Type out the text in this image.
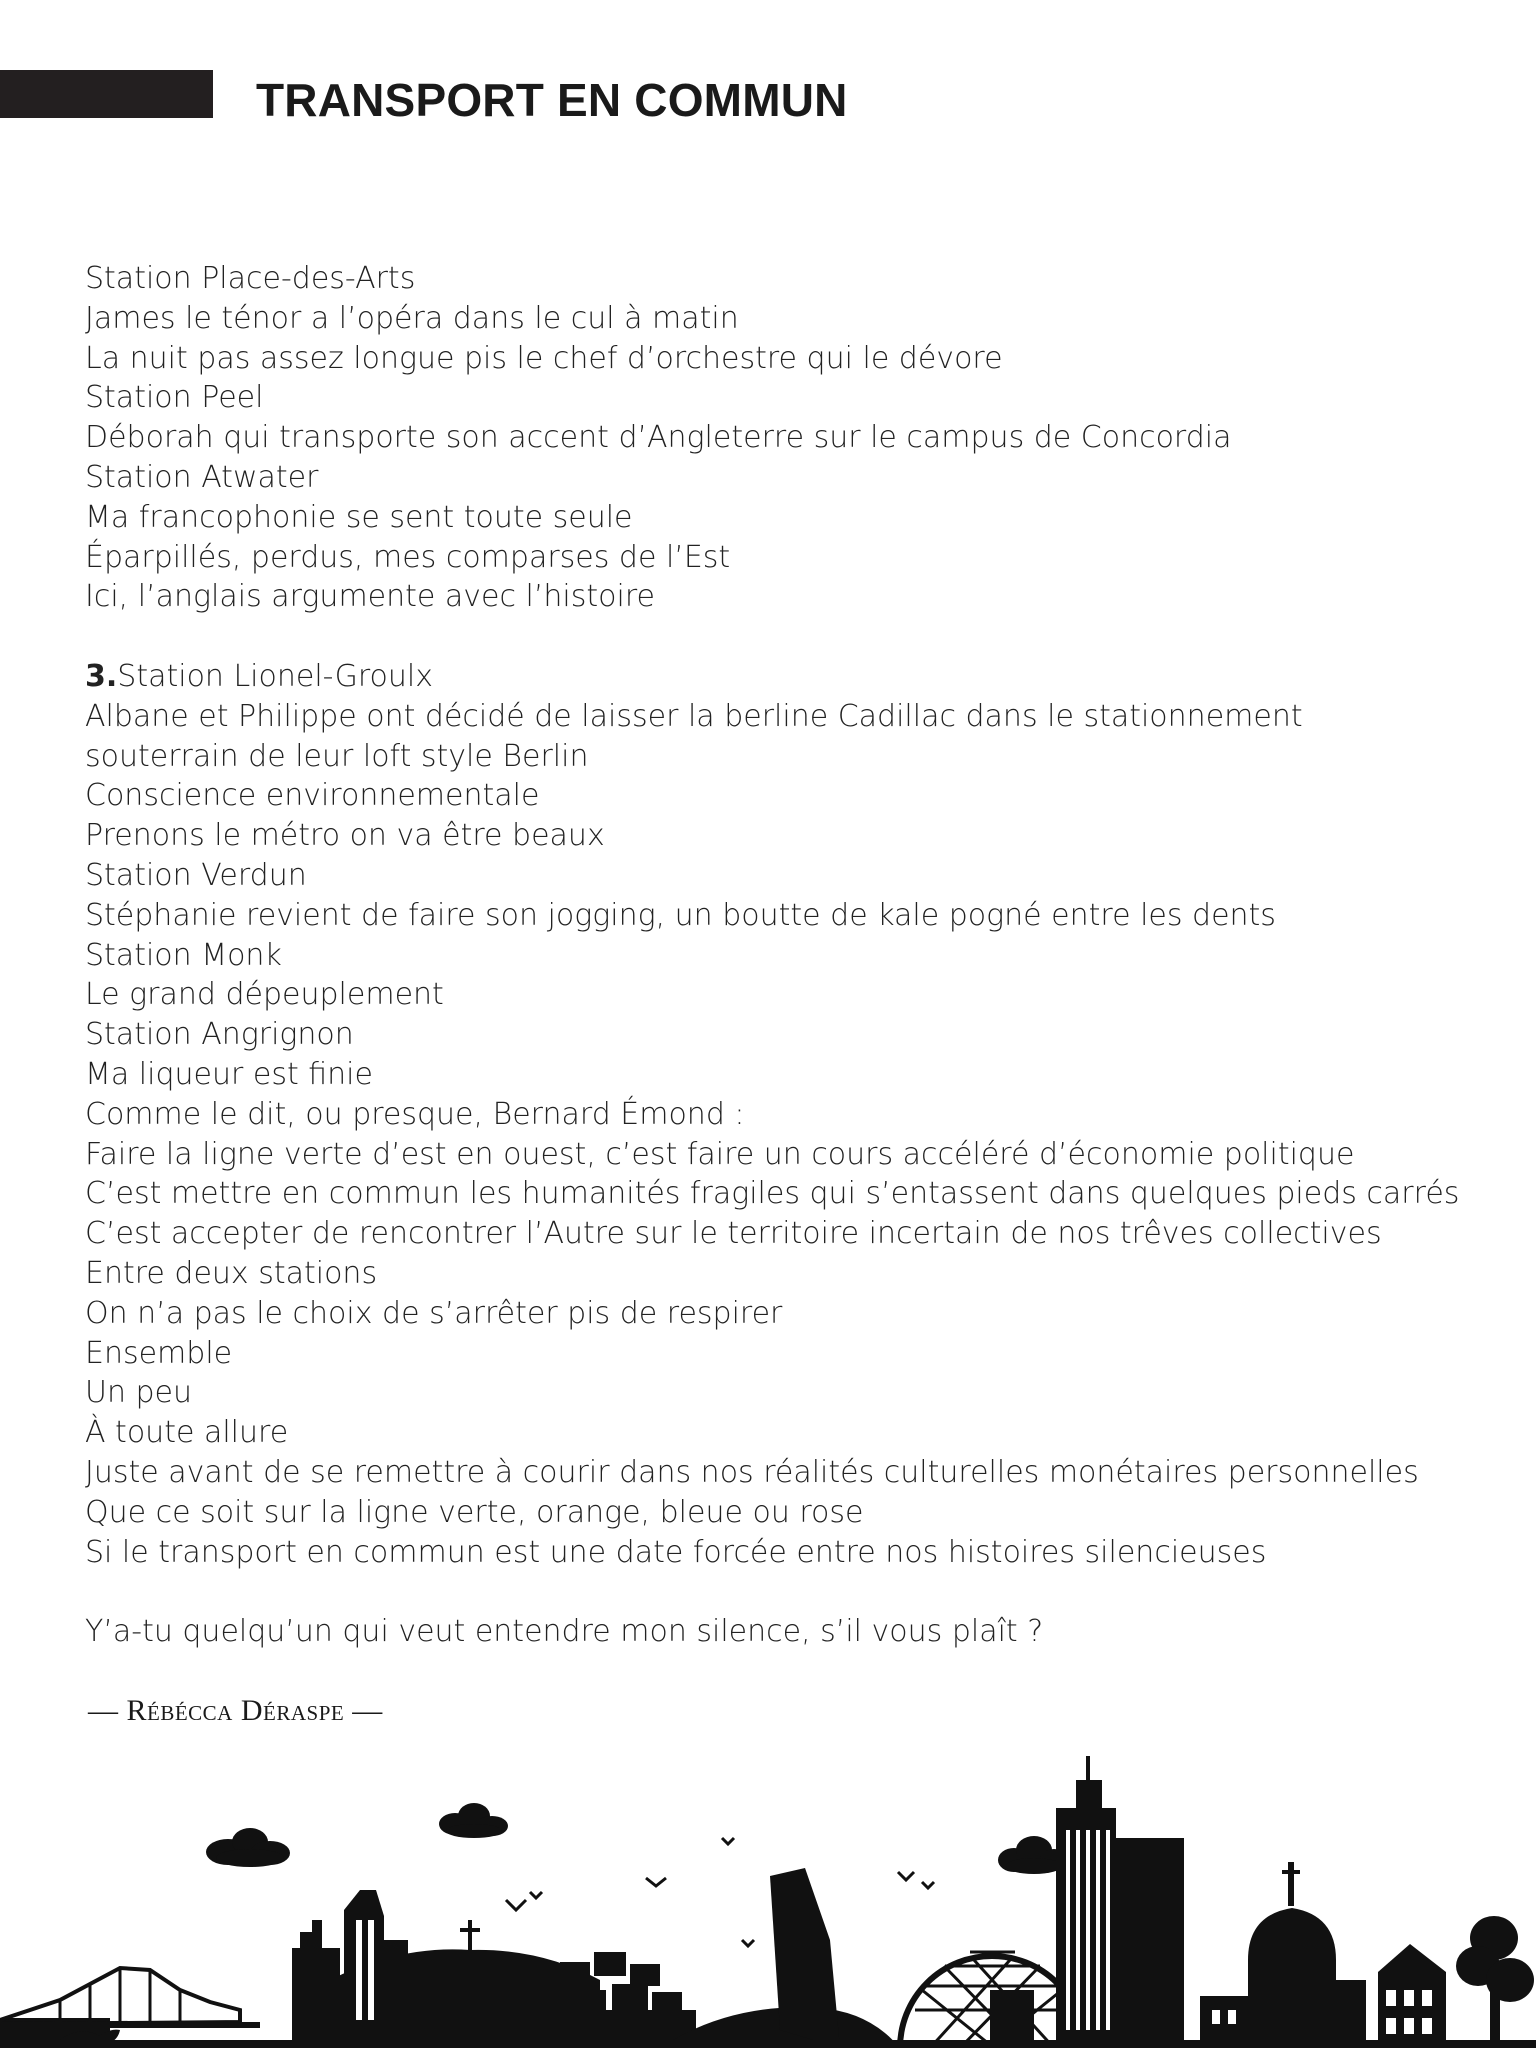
TRANSPORT EN COMMUN
Station Place-des-Arts
James le ténor a l’opéra dans le cul à matin
La nuit pas assez longue pis le chef d’orchestre qui le dévore
Station Peel
Déborah qui transporte son accent d’Angleterre sur le campus de Concordia
Station Atwater
Ma francophonie se sent toute seule
Éparpillés, perdus, mes comparses de l’Est
Ici, l’anglais argumente avec l’histoire
3.Station Lionel-Groulx
Albane et Philippe ont décidé de laisser la berline Cadillac dans le stationnement souterrain de leur loft style Berlin
Conscience environnementale
Prenons le métro on va être beaux
Station Verdun
Stéphanie revient de faire son jogging, un boutte de kale pogné entre les dents
Station Monk
Le grand dépeuplement
Station Angrignon
Ma liqueur est finie
Comme le dit, ou presque, Bernard Émond :
Faire la ligne verte d’est en ouest, c’est faire un cours accéléré d’économie politique
C’est mettre en commun les humanités fragiles qui s’entassent dans quelques pieds carrés
C’est accepter de rencontrer l’Autre sur le territoire incertain de nos trêves collectives
Entre deux stations
On n’a pas le choix de s’arrêter pis de respirer
Ensemble
Un peu
À toute allure
Juste avant de se remettre à courir dans nos réalités culturelles monétaires personnelles
Que ce soit sur la ligne verte, orange, bleue ou rose
Si le transport en commun est une date forcée entre nos histoires silencieuses
Y’a-tu quelqu’un qui veut entendre mon silence, s’il vous plaît ?
— Rébécca Déraspe —
